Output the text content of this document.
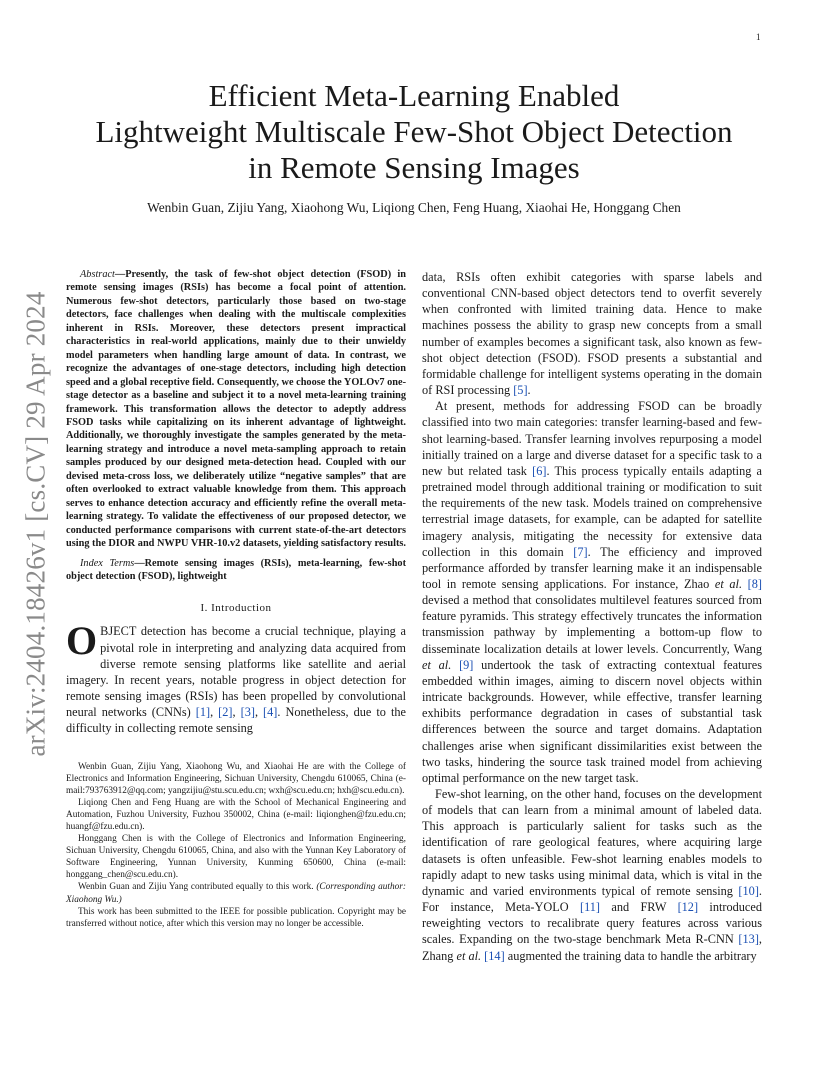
1
arXiv:2404.18426v1 [cs.CV] 29 Apr 2024
Efficient Meta-Learning Enabled
Lightweight Multiscale Few-Shot Object Detection
in Remote Sensing Images
Wenbin Guan, Zijiu Yang, Xiaohong Wu, Liqiong Chen, Feng Huang, Xiaohai He, Honggang Chen

Abstract—Presently, the task of few-shot object detection (FSOD) in remote sensing images (RSIs) has become a focal point of attention. Numerous few-shot detectors, particularly those based on two-stage detectors, face challenges when dealing with the multiscale complexities inherent in RSIs. Moreover, these detectors present impractical characteristics in real-world applications, mainly due to their unwieldy model parameters when handling large amount of data. In contrast, we recognize the advantages of one-stage detectors, including high detection speed and a global receptive field. Consequently, we choose the YOLOv7 one-stage detector as a baseline and subject it to a novel meta-learning training framework. This transformation allows the detector to adeptly address FSOD tasks while capitalizing on its inherent advantage of lightweight. Additionally, we thoroughly investigate the samples generated by the meta-learning strategy and introduce a novel meta-sampling approach to retain samples produced by our designed meta-detection head. Coupled with our devised meta-cross loss, we deliberately utilize “negative samples” that are often overlooked to extract valuable knowledge from them. This approach serves to enhance detection accuracy and efficiently refine the overall meta-learning strategy. To validate the effectiveness of our proposed detector, we conducted performance comparisons with current state-of-the-art detectors using the DIOR and NWPU VHR-10.v2 datasets, yielding satisfactory results.

Index Terms—Remote sensing images (RSIs), meta-learning, few-shot object detection (FSOD), lightweight

I. Introduction

OBJECT detection has become a crucial technique, playing a pivotal role in interpreting and analyzing data acquired from diverse remote sensing platforms like satellite and aerial imagery. In recent years, notable progress in object detection for remote sensing images (RSIs) has been propelled by convolutional neural networks (CNNs) [1], [2], [3], [4]. Nonetheless, due to the difficulty in collecting remote sensing

Wenbin Guan, Zijiu Yang, Xiaohong Wu, and Xiaohai He are with the College of Electronics and Information Engineering, Sichuan University, Chengdu 610065, China (e-mail:793763912@qq.com; yangzijiu@stu.scu.edu.cn; wxh@scu.edu.cn; hxh@scu.edu.cn).

Liqiong Chen and Feng Huang are with the School of Mechanical Engineering and Automation, Fuzhou University, Fuzhou 350002, China (e-mail: liqionghen@fzu.edu.cn; huangf@fzu.edu.cn).

Honggang Chen is with the College of Electronics and Information Engineering, Sichuan University, Chengdu 610065, China, and also with the Yunnan Key Laboratory of Software Engineering, Yunnan University, Kunming 650600, China (e-mail: honggang_chen@scu.edu.cn).

Wenbin Guan and Zijiu Yang contributed equally to this work. (Corresponding author: Xiaohong Wu.)

This work has been submitted to the IEEE for possible publication. Copyright may be transferred without notice, after which this version may no longer be accessible.

data, RSIs often exhibit categories with sparse labels and conventional CNN-based object detectors tend to overfit severely when confronted with limited training data. Hence to make machines possess the ability to grasp new concepts from a small number of examples becomes a significant task, also known as few-shot object detection (FSOD). FSOD presents a substantial and formidable challenge for intelligent systems operating in the domain of RSI processing [5].

At present, methods for addressing FSOD can be broadly classified into two main categories: transfer learning-based and few-shot learning-based. Transfer learning involves repurposing a model initially trained on a large and diverse dataset for a specific task to a new but related task [6]. This process typically entails adapting a pretrained model through additional training or modification to suit the requirements of the new task. Models trained on comprehensive terrestrial image datasets, for example, can be adapted for satellite imagery analysis, mitigating the necessity for extensive data collection in this domain [7]. The efficiency and improved performance afforded by transfer learning make it an indispensable tool in remote sensing applications. For instance, Zhao et al. [8] devised a method that consolidates multilevel features sourced from feature pyramids. This strategy effectively truncates the information transmission pathway by implementing a bottom-up flow to disseminate localization details at lower levels. Concurrently, Wang et al. [9] undertook the task of extracting contextual features embedded within images, aiming to discern novel objects within intricate backgrounds. However, while effective, transfer learning exhibits performance degradation in cases of substantial task differences between the source and target domains. Adaptation challenges arise when significant dissimilarities exist between the two tasks, hindering the source task trained model from achieving optimal performance on the new target task.

Few-shot learning, on the other hand, focuses on the development of models that can learn from a minimal amount of labeled data. This approach is particularly salient for tasks such as the identification of rare geological features, where acquiring large datasets is often unfeasible. Few-shot learning enables models to rapidly adapt to new tasks using minimal data, which is vital in the dynamic and varied environments typical of remote sensing [10]. For instance, Meta-YOLO [11] and FRW [12] introduced reweighting vectors to recalibrate query features across various scales. Expanding on the two-stage benchmark Meta R-CNN [13], Zhang et al. [14] augmented the training data to handle the arbitrary
